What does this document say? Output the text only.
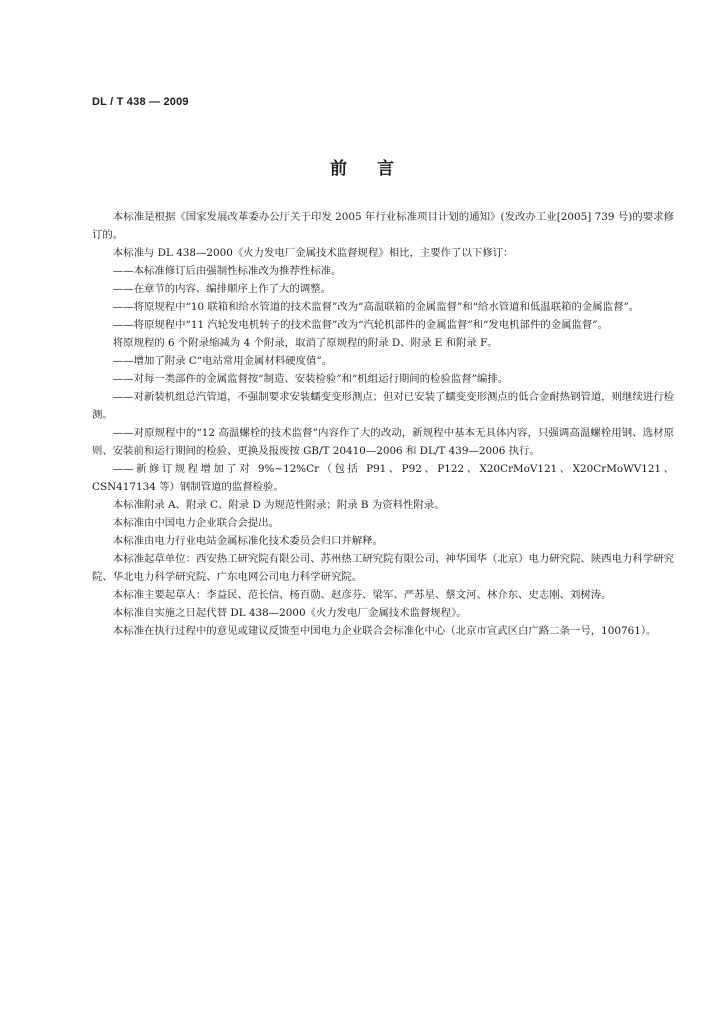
DL / T 438 — 2009
前言

本标准是根据《国家发展改革委办公厅关于印发 2005 年行业标准项目计划的通知》(发改办工业[2005] 739 号)的要求修订的。

本标准与 DL 438—2000《火力发电厂金属技术监督规程》相比，主要作了以下修订：

——本标准修订后由强制性标准改为推荐性标准。

——在章节的内容、编排顺序上作了大的调整。

——将原规程中“10 联箱和给水管道的技术监督”改为“高温联箱的金属监督”和“给水管道和低温联箱的金属监督”。

——将原规程中“11 汽轮发电机转子的技术监督”改为“汽轮机部件的金属监督”和“发电机部件的金属监督”。

将原规程的 6 个附录缩减为 4 个附录，取消了原规程的附录 D、附录 E 和附录 F。

——增加了附录 C“电站常用金属材料硬度值”。

——对每一类部件的金属监督按“制造、安装检验”和“机组运行期间的检验监督”编排。

——对新装机组总汽管道，不强制要求安装蠕变变形测点；但对已安装了蠕变变形测点的低合金耐热钢管道，则继续进行检测。

——对原规程中的“12 高温螺栓的技术监督”内容作了大的改动，新规程中基本无具体内容，只强调高温螺栓用钢、选材原则、安装前和运行期间的检验、更换及报废按 GB/T 20410—2006 和 DL/T 439—2006 执行。

——新修订规程增加了对 9%~12%Cr（包括 P91、P92、P122、X20CrMoV121、X20CrMoWV121、CSN417134 等）钢制管道的监督检验。

本标准附录 A、附录 C、附录 D 为规范性附录；附录 B 为资料性附录。

本标准由中国电力企业联合会提出。

本标准由电力行业电站金属标准化技术委员会归口并解释。

本标准起草单位：西安热工研究院有限公司、苏州热工研究院有限公司、神华国华（北京）电力研究院、陕西电力科学研究院、华北电力科学研究院、广东电网公司电力科学研究院。

本标准主要起草人：李益民、范长信、杨百勋、赵彦芬、梁军、严苏星、蔡文河、林介东、史志刚、刘树涛。

本标准自实施之日起代替 DL 438—2000《火力发电厂金属技术监督规程》。

本标准在执行过程中的意见或建议反馈至中国电力企业联合会标准化中心（北京市宣武区白广路二条一号，100761）。
